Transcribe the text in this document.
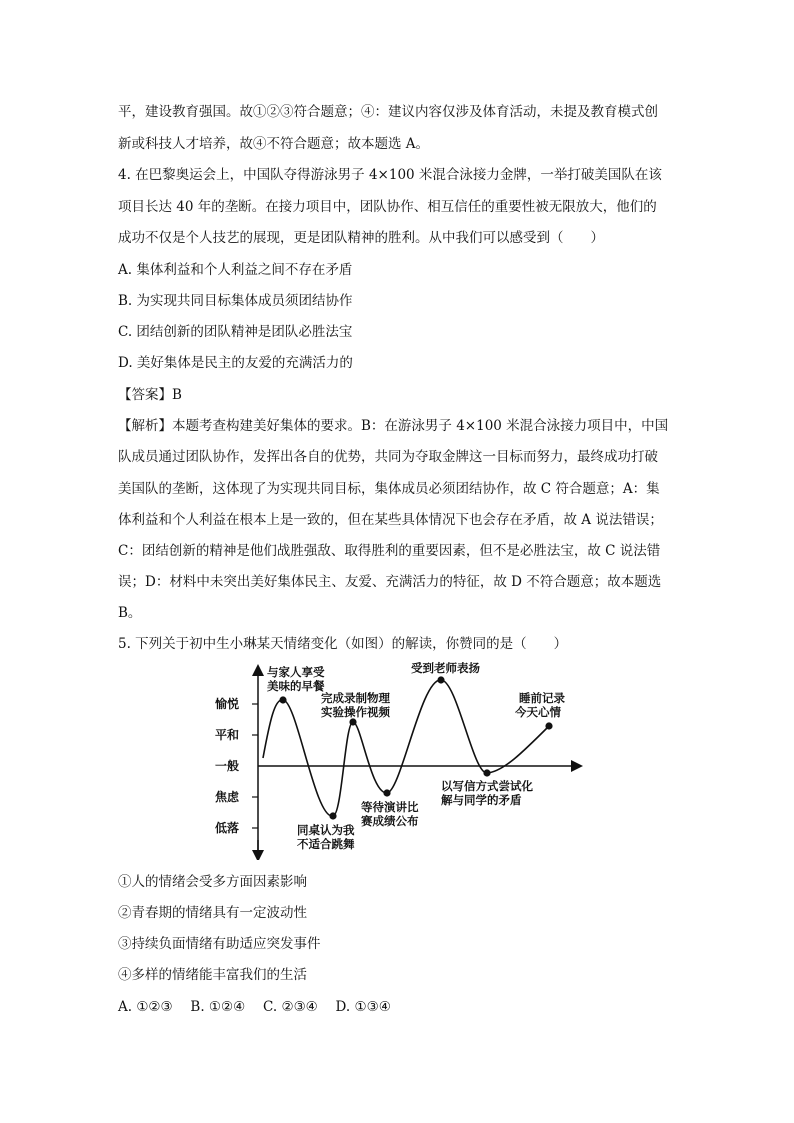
平，建设教育强国。故①②③符合题意；④：建议内容仅涉及体育活动，未提及教育模式创
新或科技人才培养，故④不符合题意；故本题选 A。
4. 在巴黎奥运会上，中国队夺得游泳男子 4×100 米混合泳接力金牌，一举打破美国队在该
项目长达 40 年的垄断。在接力项目中，团队协作、相互信任的重要性被无限放大，他们的
成功不仅是个人技艺的展现，更是团队精神的胜利。从中我们可以感受到（　　）
A. 集体利益和个人利益之间不存在矛盾
B. 为实现共同目标集体成员须团结协作
C. 团结创新的团队精神是团队必胜法宝
D. 美好集体是民主的友爱的充满活力的
【答案】B
【解析】本题考查构建美好集体的要求。B：在游泳男子 4×100 米混合泳接力项目中，中国
队成员通过团队协作，发挥出各自的优势，共同为夺取金牌这一目标而努力，最终成功打破
美国队的垄断，这体现了为实现共同目标，集体成员必须团结协作，故 C 符合题意；A：集
体利益和个人利益在根本上是一致的，但在某些具体情况下也会存在矛盾，故 A 说法错误；
C：团结创新的精神是他们战胜强敌、取得胜利的重要因素，但不是必胜法宝，故 C 说法错
误；D：材料中未突出美好集体民主、友爱、充满活力的特征，故 D 不符合题意；故本题选
B。
5. 下列关于初中生小琳某天情绪变化（如图）的解读，你赞同的是（　　）
愉悦
平和
一般
焦虑
低落
与家人享受
美味的早餐
同桌认为我
不适合跳舞
完成录制物理
实验操作视频
等待演讲比
赛成绩公布
受到老师表扬
以写信方式尝试化
解与同学的矛盾
睡前记录
今天心情
①人的情绪会受多方面因素影响
②青春期的情绪具有一定波动性
③持续负面情绪有助适应突发事件
④多样的情绪能丰富我们的生活
A. ①②③　 B. ①②④　 C. ②③④　 D. ①③④
